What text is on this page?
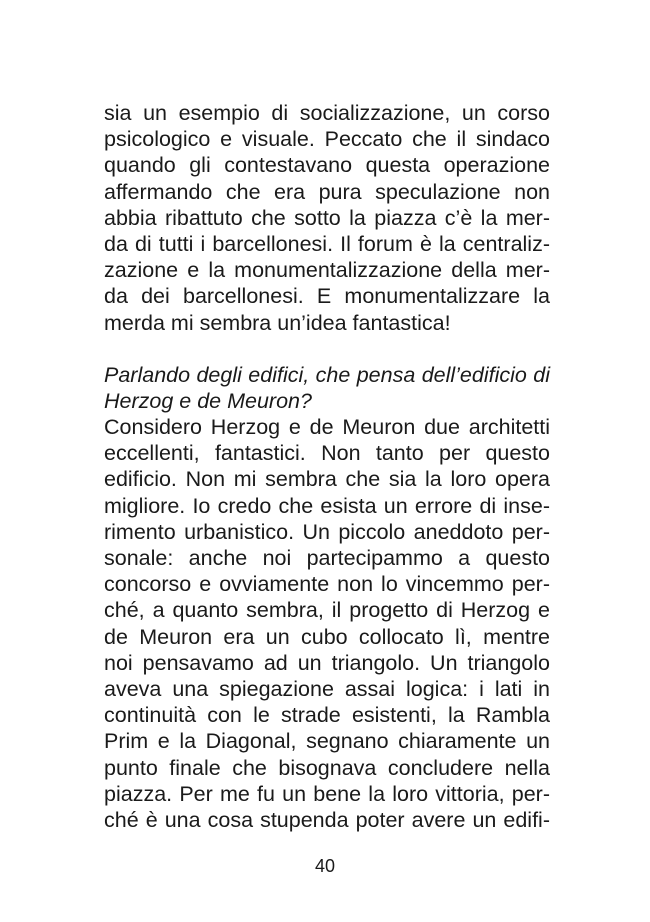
sia un esempio di socializzazione, un corso
psicologico e visuale. Peccato che il sindaco
quando gli contestavano questa operazione
affermando che era pura speculazione non
abbia ribattuto che sotto la piazza c’è la mer-
da di tutti i barcellonesi. Il forum è la centraliz-
zazione e la monumentalizzazione della mer-
da dei barcellonesi. E monumentalizzare la
merda mi sembra un’idea fantastica!
Parlando degli edifici, che pensa dell’edificio di
Herzog e de Meuron?
Considero Herzog e de Meuron due architetti
eccellenti, fantastici. Non tanto per questo
edificio. Non mi sembra che sia la loro opera
migliore. Io credo che esista un errore di inse-
rimento urbanistico. Un piccolo aneddoto per-
sonale: anche noi partecipammo a questo
concorso e ovviamente non lo vincemmo per-
ché, a quanto sembra, il progetto di Herzog e
de Meuron era un cubo collocato lì, mentre
noi pensavamo ad un triangolo. Un triangolo
aveva una spiegazione assai logica: i lati in
continuità con le strade esistenti, la Rambla
Prim e la Diagonal, segnano chiaramente un
punto finale che bisognava concludere nella
piazza. Per me fu un bene la loro vittoria, per-
ché è una cosa stupenda poter avere un edifi-
40
